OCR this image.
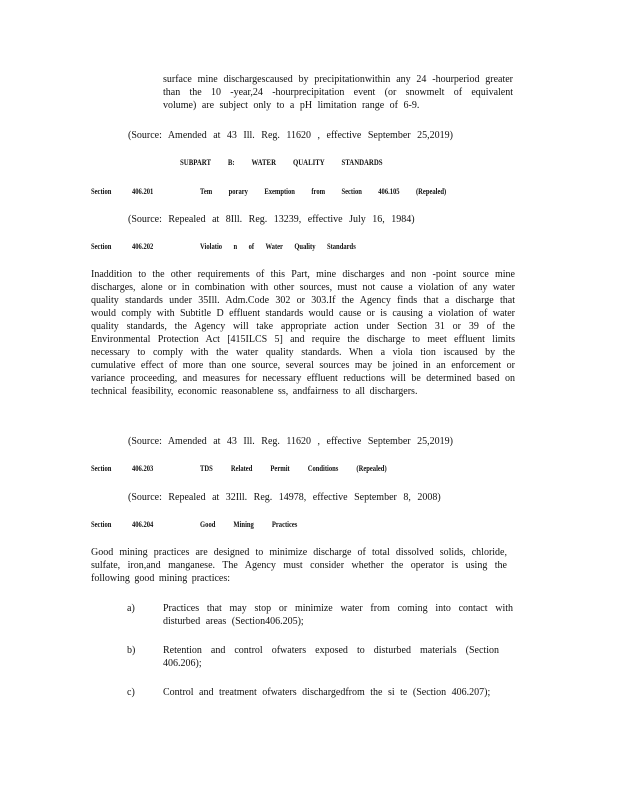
surface mine dischargescaused by precipitationwithin any 24 -hourperiod greater than the 10 -year,24 -hourprecipitation event (or snowmelt of equivalent volume) are subject only to a pH limitation range of 6-9.

(Source: Amended at 43 Ill. Reg. 11620 , effective September 25,2019)

SUBPART B: WATER QUALITY STANDARDS

Section	406.201	Tem porary Exemption from Section 406.105 (Repealed)

(Source: Repealed at 8Ill. Reg. 13239, effective July 16, 1984)

Section	406.202	Violatio n of Water Quality Standards

Inaddition to the other requirements of this Part, mine discharges and non -point source mine discharges, alone or in combination with other sources, must not cause a violation of any water quality standards under 35Ill. Adm.Code 302 or 303.If the Agency finds that a discharge that would comply with Subtitle D effluent standards would cause or is causing a violation of water quality standards, the Agency will take appropriate action under Section 31 or 39 of the Environmental Protection Act [415ILCS 5] and require the discharge to meet effluent limits necessary to comply with the water quality standards. When a viola tion iscaused by the cumulative effect of more than one source, several sources may be joined in an enforcement or variance proceeding, and measures for necessary effluent reductions will be determined based on technical feasibility, economic reasonablene ss, andfairness to all dischargers.

(Source: Amended at 43 Ill. Reg. 11620 , effective September 25,2019)

Section	406.203	TDS Related Permit Conditions (Repealed)

(Source: Repealed at 32Ill. Reg. 14978, effective September 8, 2008)

Section	406.204	Good Mining Practices

Good mining practices are designed to minimize discharge of total dissolved solids, chloride, sulfate, iron,and manganese. The Agency must consider whether the operator is using the following good mining practices:

a)	Practices that may stop or minimize water from coming into contact with disturbed areas (Section406.205);

b)	Retention and control ofwaters exposed to disturbed materials (Section 406.206);

c)	Control and treatment ofwaters dischargedfrom the si te (Section 406.207);
